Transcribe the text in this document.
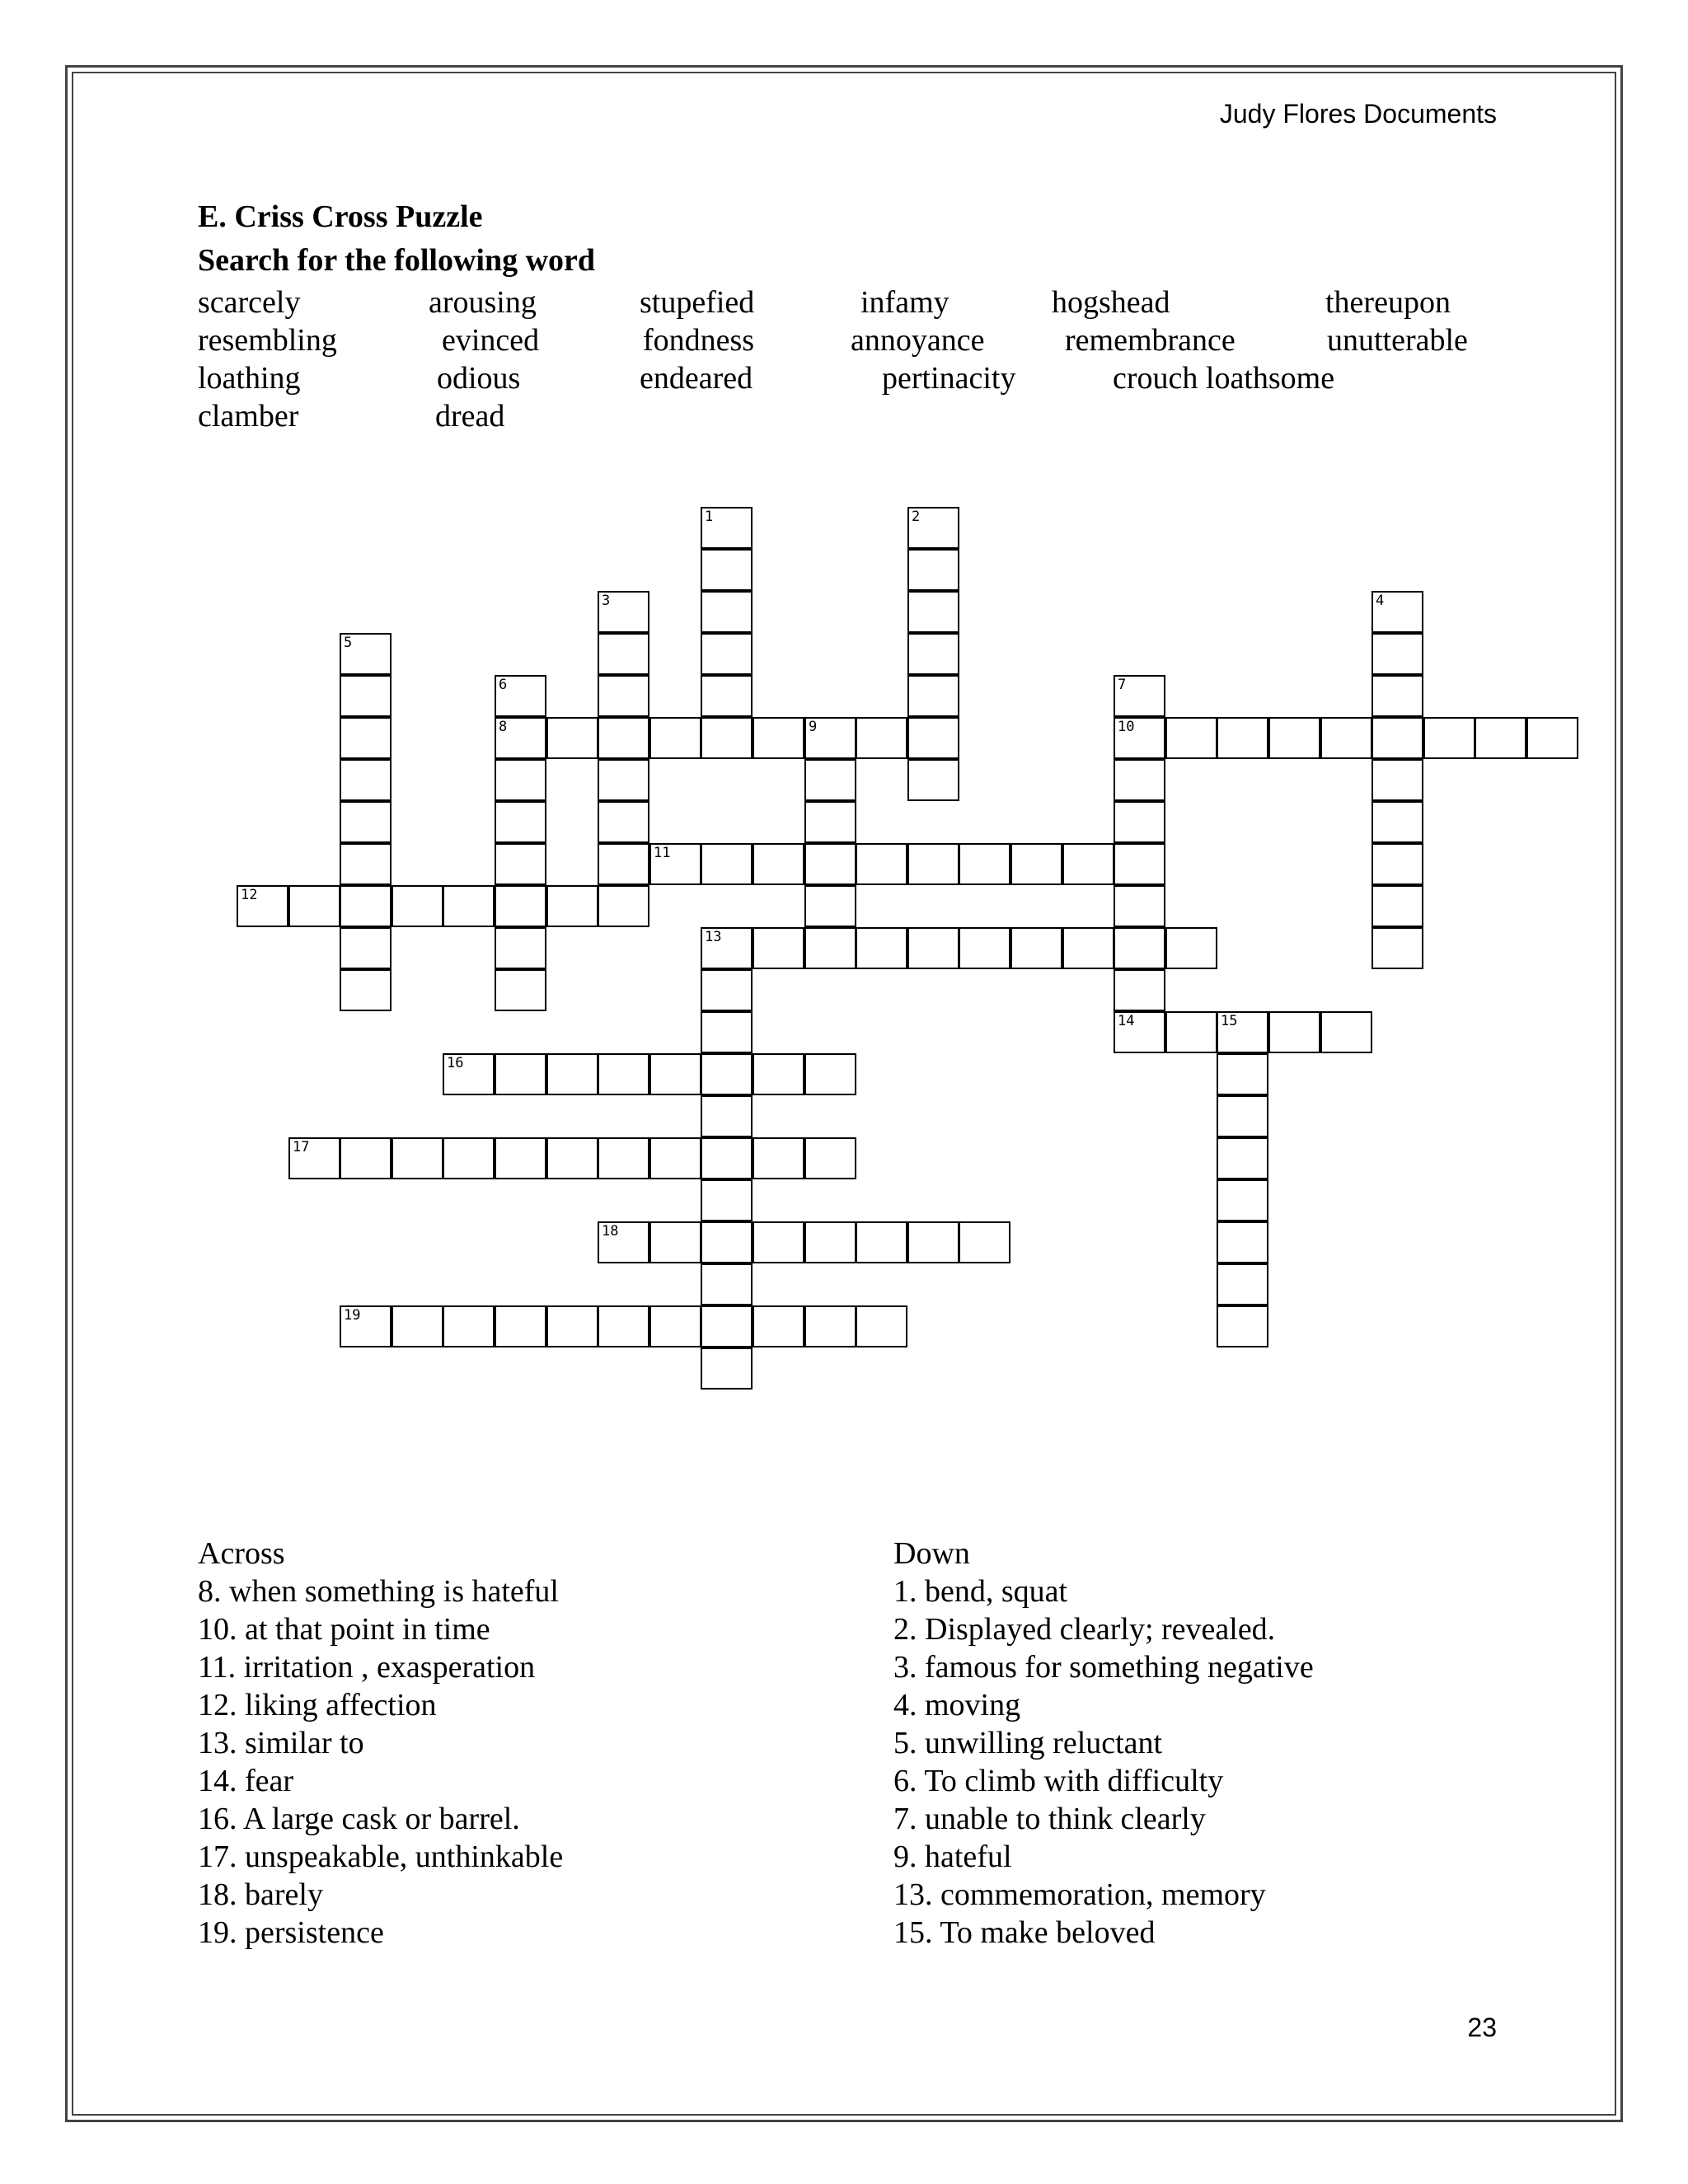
Judy Flores Documents
E. Criss Cross Puzzle
Search for the following word
scarcely	arousing	stupefied	infamy	hogshead	thereupon
resembling	evinced	fondness	annoyance	remembrance	unutterable
loathing	odious	endeared	pertinacity	crouch loathsome
clamber	dread
1	2
3	4
5
6
8
7
10
14
9
11
12
13
15
16
17
18
19
Across
8. when something is hateful
10. at that point in time
11. irritation , exasperation
12. liking affection
13. similar to
14. fear
16. A large cask or barrel.
17. unspeakable, unthinkable
18. barely
19. persistence
Down
1. bend, squat
2. Displayed clearly; revealed.
3. famous for something negative
4. moving
5. unwilling reluctant
6. To climb with difficulty
7. unable to think clearly
9. hateful
13. commemoration, memory
15. To make beloved
23
